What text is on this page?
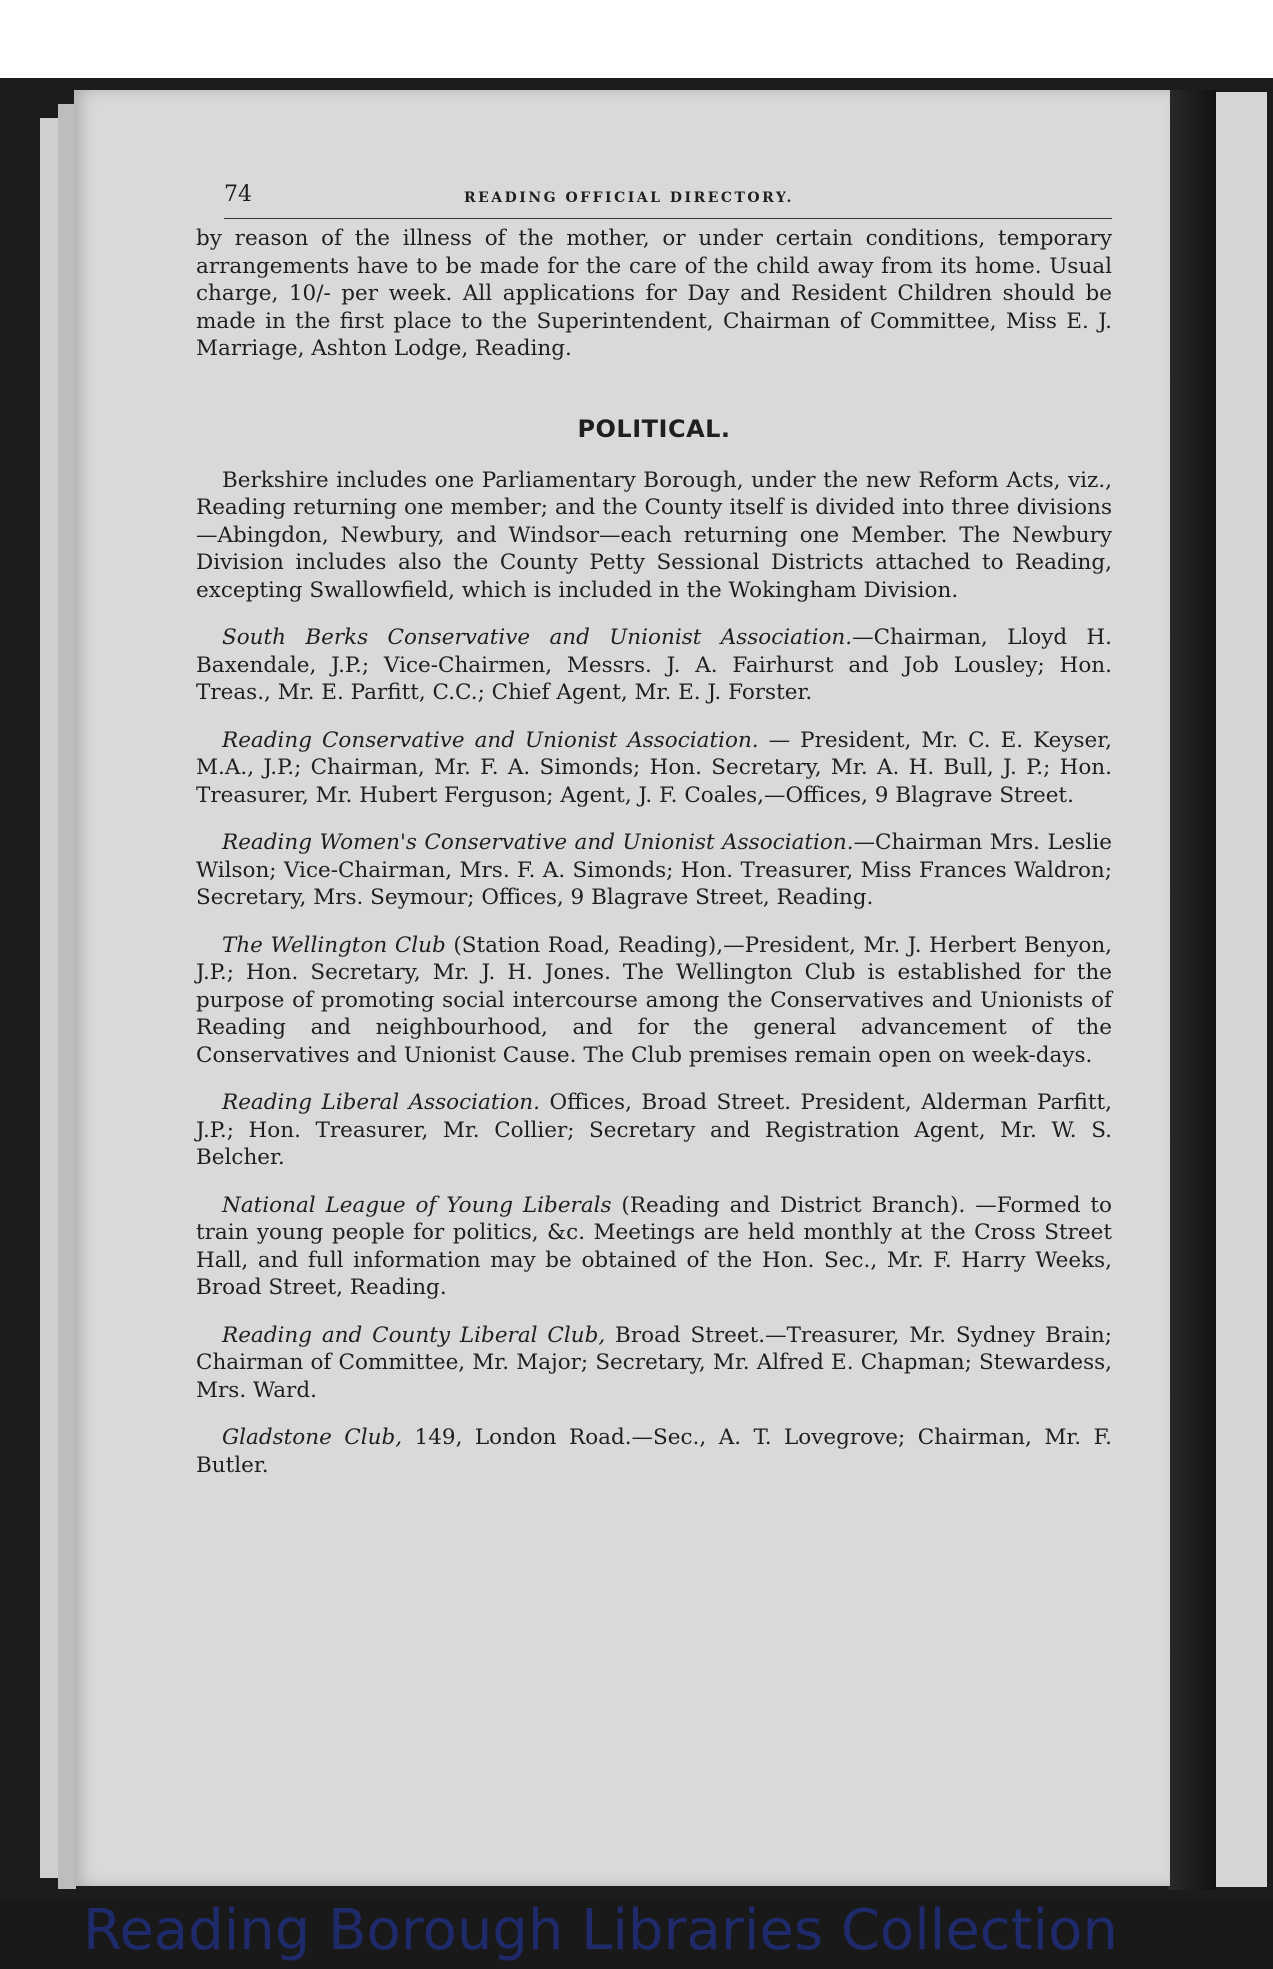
74	READING OFFICIAL DIRECTORY.

by reason of the illness of the mother, or under certain conditions, temporary arrangements have to be made for the care of the child away from its home. Usual charge, 10/- per week. All applications for Day and Resident Children should be made in the first place to the Superintendent, Chairman of Committee, Miss E. J. Marriage, Ashton Lodge, Reading.

POLITICAL.

Berkshire includes one Parliamentary Borough, under the new Reform Acts, viz., Reading returning one member; and the County itself is divided into three divisions—Abingdon, Newbury, and Windsor—each returning one Member. The Newbury Division includes also the County Petty Sessional Districts attached to Reading, excepting Swallowfield, which is included in the Wokingham Division.

South Berks Conservative and Unionist Association.—Chairman, Lloyd H. Baxendale, J.P.; Vice-Chairmen, Messrs. J. A. Fairhurst and Job Lousley; Hon. Treas., Mr. E. Parfitt, C.C.; Chief Agent, Mr. E. J. Forster.

Reading Conservative and Unionist Association. — President, Mr. C. E. Keyser, M.A., J.P.; Chairman, Mr. F. A. Simonds; Hon. Secretary, Mr. A. H. Bull, J. P.; Hon. Treasurer, Mr. Hubert Ferguson; Agent, J. F. Coales,—Offices, 9 Blagrave Street.

Reading Women's Conservative and Unionist Association.—Chairman Mrs. Leslie Wilson; Vice-Chairman, Mrs. F. A. Simonds; Hon. Treasurer, Miss Frances Waldron; Secretary, Mrs. Seymour; Offices, 9 Blagrave Street, Reading.

The Wellington Club (Station Road, Reading),—President, Mr. J. Herbert Benyon, J.P.; Hon. Secretary, Mr. J. H. Jones. The Wellington Club is established for the purpose of promoting social intercourse among the Conservatives and Unionists of Reading and neighbourhood, and for the general advancement of the Conservatives and Unionist Cause. The Club premises remain open on week-days.

Reading Liberal Association. Offices, Broad Street. President, Alderman Parfitt, J.P.; Hon. Treasurer, Mr. Collier; Secretary and Registration Agent, Mr. W. S. Belcher.

National League of Young Liberals (Reading and District Branch). —Formed to train young people for politics, &c. Meetings are held monthly at the Cross Street Hall, and full information may be obtained of the Hon. Sec., Mr. F. Harry Weeks, Broad Street, Reading.

Reading and County Liberal Club, Broad Street.—Treasurer, Mr. Sydney Brain; Chairman of Committee, Mr. Major; Secretary, Mr. Alfred E. Chapman; Stewardess, Mrs. Ward.

Gladstone Club, 149, London Road.—Sec., A. T. Lovegrove; Chairman, Mr. F. Butler.

Reading Borough Libraries Collection
